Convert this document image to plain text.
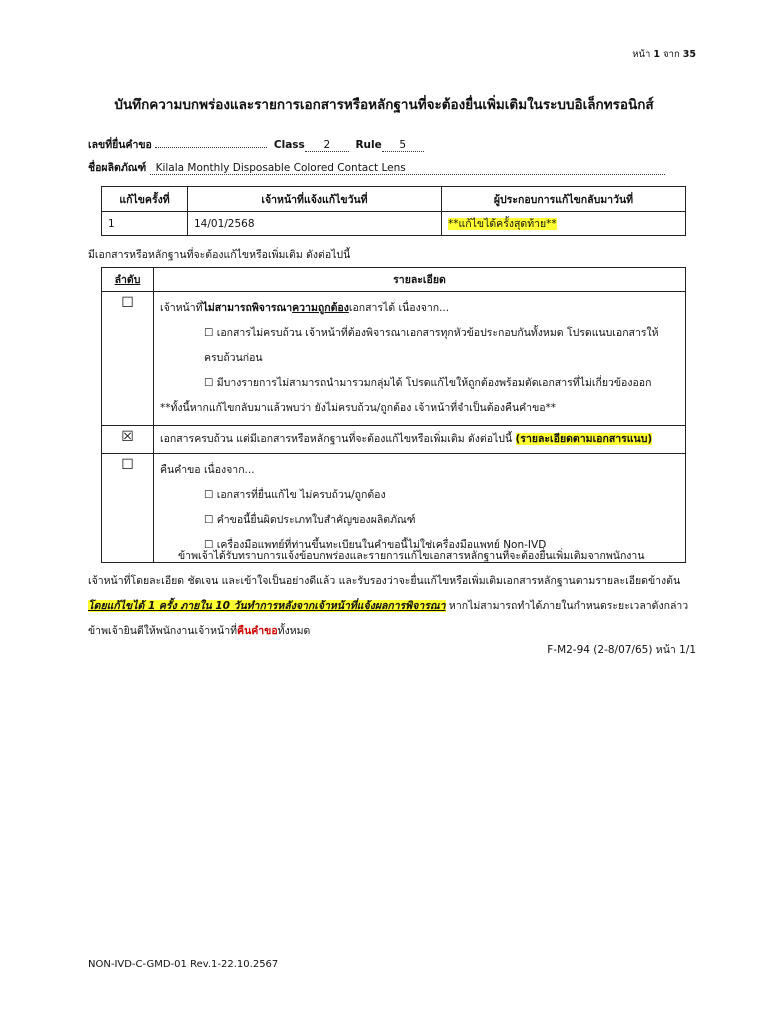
หน้า 1 จาก 35
บันทึกความบกพร่องและรายการเอกสารหรือหลักฐานที่จะต้องยื่นเพิ่มเติมในระบบอิเล็กทรอนิกส์
เลขที่ยื่นคำขอ	Class 2 Rule 5
ชื่อผลิตภัณฑ์ Kilala Monthly Disposable Colored Contact Lens
แก้ไขครั้งที่	เจ้าหน้าที่แจ้งแก้ไขวันที่	ผู้ประกอบการแก้ไขกลับมาวันที่
1	14/01/2568	**แก้ไขได้ครั้งสุดท้าย**
มีเอกสารหรือหลักฐานที่จะต้องแก้ไขหรือเพิ่มเติม ดังต่อไปนี้
ลำดับ	รายละเอียด
☐	เจ้าหน้าที่ไม่สามารถพิจารณาความถูกต้องเอกสารได้ เนื่องจาก...
☐ เอกสารไม่ครบถ้วน เจ้าหน้าที่ต้องพิจารณาเอกสารทุกหัวข้อประกอบกันทั้งหมด โปรดแนบเอกสารให้
ครบถ้วนก่อน
☐ มีบางรายการไม่สามารถนำมารวมกลุ่มได้ โปรดแก้ไขให้ถูกต้องพร้อมตัดเอกสารที่ไม่เกี่ยวข้องออก
**ทั้งนี้หากแก้ไขกลับมาแล้วพบว่า ยังไม่ครบถ้วน/ถูกต้อง เจ้าหน้าที่จำเป็นต้องคืนคำขอ**

☒	เอกสารครบถ้วน แต่มีเอกสารหรือหลักฐานที่จะต้องแก้ไขหรือเพิ่มเติม ดังต่อไปนี้ (รายละเอียดตามเอกสารแนบ)
☐	คืนคำขอ เนื่องจาก...
☐ เอกสารที่ยื่นแก้ไข ไม่ครบถ้วน/ถูกต้อง
☐ คำขอนี้ยื่นผิดประเภทใบสำคัญของผลิตภัณฑ์
☐ เครื่องมือแพทย์ที่ท่านขึ้นทะเบียนในคำขอนี้ไม่ใช่เครื่องมือแพทย์ Non-IVD
ข้าพเจ้าได้รับทราบการแจ้งข้อบกพร่องและรายการแก้ไขเอกสารหลักฐานที่จะต้องยื่นเพิ่มเติมจากพนักงาน
เจ้าหน้าที่โดยละเอียด ชัดเจน และเข้าใจเป็นอย่างดีแล้ว และรับรองว่าจะยื่นแก้ไขหรือเพิ่มเติมเอกสารหลักฐานตามรายละเอียดข้างต้น
โดยแก้ไขได้ 1 ครั้ง ภายใน 10 วันทำการหลังจากเจ้าหน้าที่แจ้งผลการพิจารณา หากไม่สามารถทำได้ภายในกำหนดระยะเวลาดังกล่าว
ข้าพเจ้ายินดีให้พนักงานเจ้าหน้าที่คืนคำขอทั้งหมด
F-M2-94 (2-8/07/65) หน้า 1/1
NON-IVD-C-GMD-01 Rev.1-22.10.2567
